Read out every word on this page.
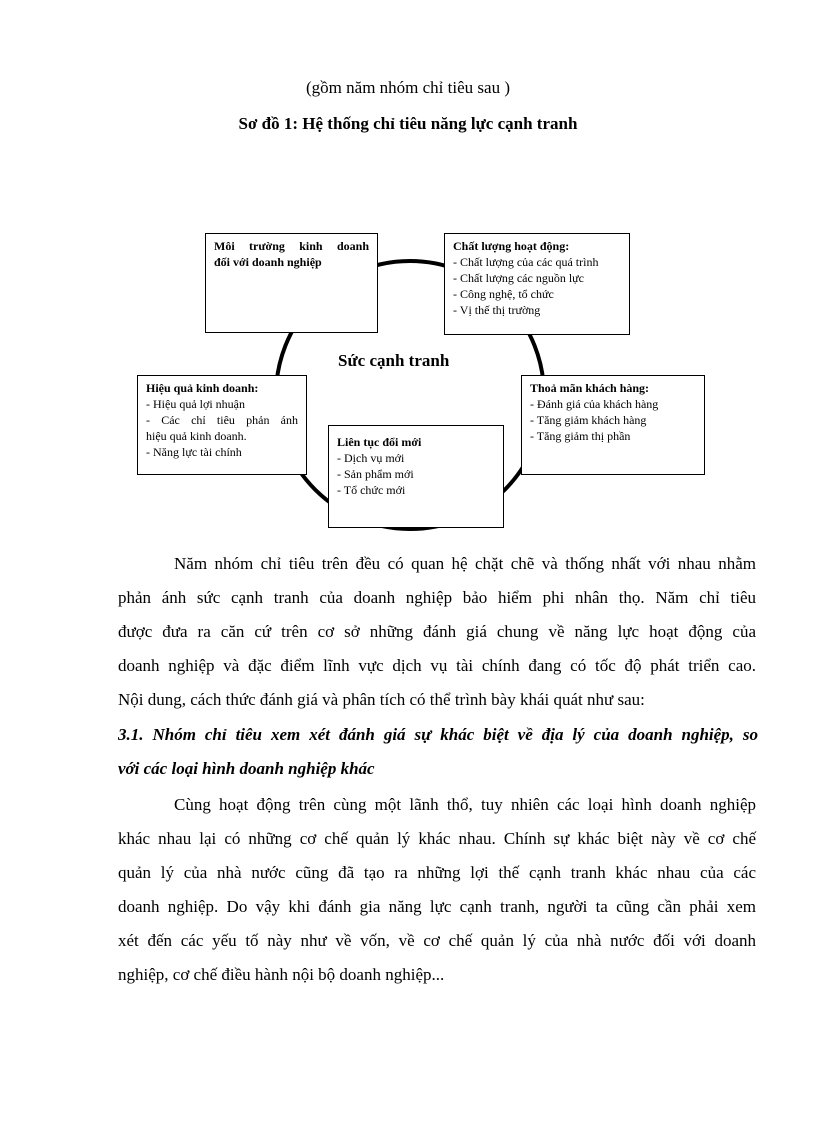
(gồm năm nhóm chỉ tiêu sau )
Sơ đồ 1: Hệ thống chỉ tiêu năng lực cạnh tranh
Sức cạnh tranh
Môi trường kinh doanh
đối với doanh nghiệp
Chất lượng hoạt động:
- Chất lượng của các quá trình
- Chất lượng các nguồn lực
- Công nghệ, tổ chức
- Vị thế thị trường
Hiệu quả kinh doanh:
- Hiệu quả lợi nhuận
- Các chỉ tiêu phản ánh
hiệu quả kinh doanh.
- Năng lực tài chính
Thoả mãn khách hàng:
- Đánh giá của khách hàng
- Tăng giảm khách hàng
- Tăng giảm thị phần
Liên tục đổi mới
- Dịch vụ mới
- Sản phẩm mới
- Tổ chức mới
Năm nhóm chỉ tiêu trên đều có quan hệ chặt chẽ và thống nhất với nhau nhằm
phản ánh sức cạnh tranh của doanh nghiệp bảo hiểm phi nhân thọ. Năm chỉ tiêu
được đưa ra căn cứ trên cơ sở những đánh giá chung về năng lực hoạt động của
doanh nghiệp và đặc điểm lĩnh vực dịch vụ tài chính đang có tốc độ phát triển cao.
Nội dung, cách thức đánh giá và phân tích có thể trình bày khái quát như sau:
3.1. Nhóm chỉ tiêu xem xét đánh giá sự khác biệt về địa lý của doanh nghiệp, so
với các loại hình doanh nghiệp khác
Cùng hoạt động trên cùng một lãnh thổ, tuy nhiên các loại hình doanh nghiệp
khác nhau lại có những cơ chế quản lý khác nhau. Chính sự khác biệt này về cơ chế
quản lý của nhà nước cũng đã tạo ra những lợi thế cạnh tranh khác nhau của các
doanh nghiệp. Do vậy khi đánh gia năng lực cạnh tranh, người ta cũng cần phải xem
xét đến các yếu tố này như về vốn, về cơ chế quản lý của nhà nước đối với doanh
nghiệp, cơ chế điều hành nội bộ doanh nghiệp...
